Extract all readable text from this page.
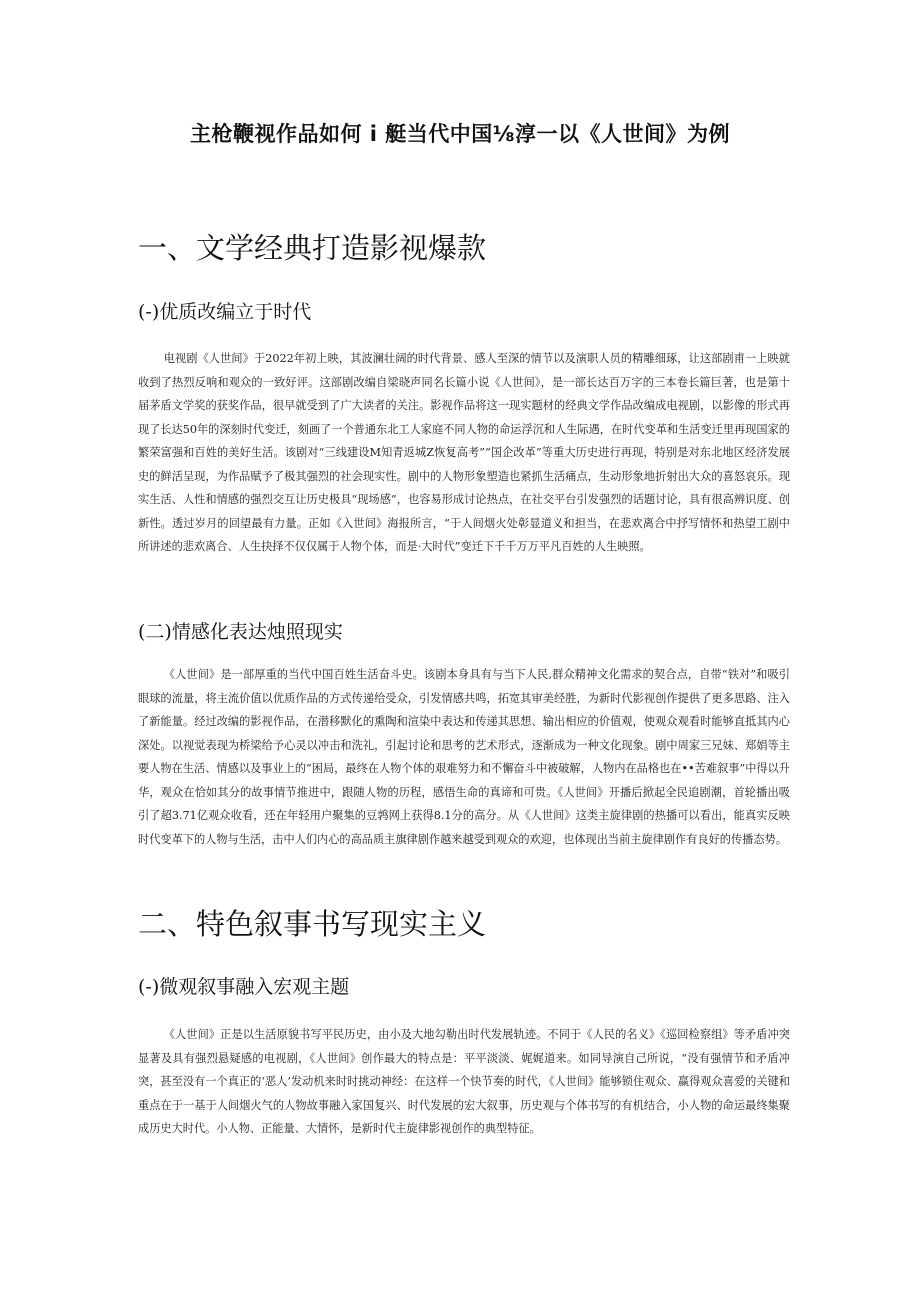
主枪鞭视作品如何 i 艇当代中国⅛淳一以《人世间》为例
一、文学经典打造影视爆款
(-)优质改编立于时代

电视剧《人世间》于2022年初上映，其波澜壮阔的时代背景、感人至深的情节以及演职人员的精雕细琢，让这部剧甫一上映就收到了热烈反响和观众的一致好评。这部剧改编自梁晓声同名长篇小说《人世间》，是一部长达百万字的三本卷长篇巨著，也是第十届茅盾文学奖的获奖作品，很早就受到了广大读者的关注。影视作品将这一现实题材的经典文学作品改编成电视剧，以影像的形式再现了长达50年的深刻时代变迁，刻画了一个普通东北工人家庭不同人物的命运浮沉和人生际遇，在时代变革和生活变迁里再现国家的繁荣富强和百姓的美好生活。该剧对“三线建设M知青返城Z恢复高考”“国企改革”等重大历史进行再现，特别是对东北地区经济发展史的鲜活呈现，为作品赋予了极其强烈的社会现实性。剧中的人物形象塑造也紧抓生活痛点，生动形象地折射出大众的喜怒哀乐。现实生活、人性和情感的强烈交互让历史极具“现场感”，也容易形成讨论热点，在社交平台引发强烈的话题讨论，具有很高辨识度、创新性。透过岁月的回望最有力量。正如《入世间》海报所言，“于人间烟火处彰显道义和担当，在悲欢离合中抒写情怀和热望工剧中所讲述的悲欢离合、人生抉择不仅仅属于人物个体，而是·大时代”变迁下千千万万平凡百姓的人生映照。

(二)情感化表达烛照现实

《人世间》是一部厚重的当代中国百姓生活奋斗史。该剧本身具有与当下人民,群众精神文化需求的契合点，自带“铁对”和吸引眼球的流量，将主流价值以优质作品的方式传递给受众，引发情感共鸣，拓宽其审美经胜，为新时代影视创作提供了更多思路、注入了新能量。经过改编的影视作品，在潜移默化的熏陶和渲染中表达和传递其思想、输出相应的价值观，使观众观看时能够直抵其内心深处。以视觉表现为桥梁给予心灵以冲击和洗礼，引起讨论和思考的艺术形式，逐渐成为一种文化现象。剧中周家三兄妹、郑娟等主要人物在生活、情感以及事业上的“困局，最终在人物个体的艰难努力和不懈奋斗中被破解，人物内在品格也在••苦难叙事”中得以升华，观众在恰如其分的故事情节推进中，跟随人物的历程，感悟生命的真谛和可贵。《人世间》开播后掀起全民追剧潮，首轮播出吸引了超3.71亿观众收看，还在年轻用户聚集的豆鹑网上获得8.1分的高分。从《人世间》这类主旋律剧的热播可以看出，能真实反映时代变革下的人物与生活，击中人们内心的高品质主旗律剧作越来越受到观众的欢迎，也体现出当前主旋律剧作有良好的传播态势。

二、特色叙事书写现实主义
(-)微观叙事融入宏观主题

《人世间》正是以生活原貌书写平民历史，由小及大地勾勒出时代发展轨迹。不同于《人民的名义》《巡回检察组》等矛盾冲突显著及具有强烈悬疑感的电视剧，《人世间》创作最大的特点是：平平淡淡、娓娓道来。如同导演自己所说，“没有强情节和矛盾冲突，甚至没有一个真正的‘恶人’发动机来时时挑动神经：在这样一个快节奏的时代，《人世间》能够锁住观众、赢得观众喜爱的关键和重点在于一基于人间烟火气的人物故事融入家国复兴、时代发展的宏大叙事，历史观与个体书写的有机结合，小人物的命运最终集聚成历史大时代。小人物、正能量、大情怀，是新时代主旋律影视创作的典型特征。
